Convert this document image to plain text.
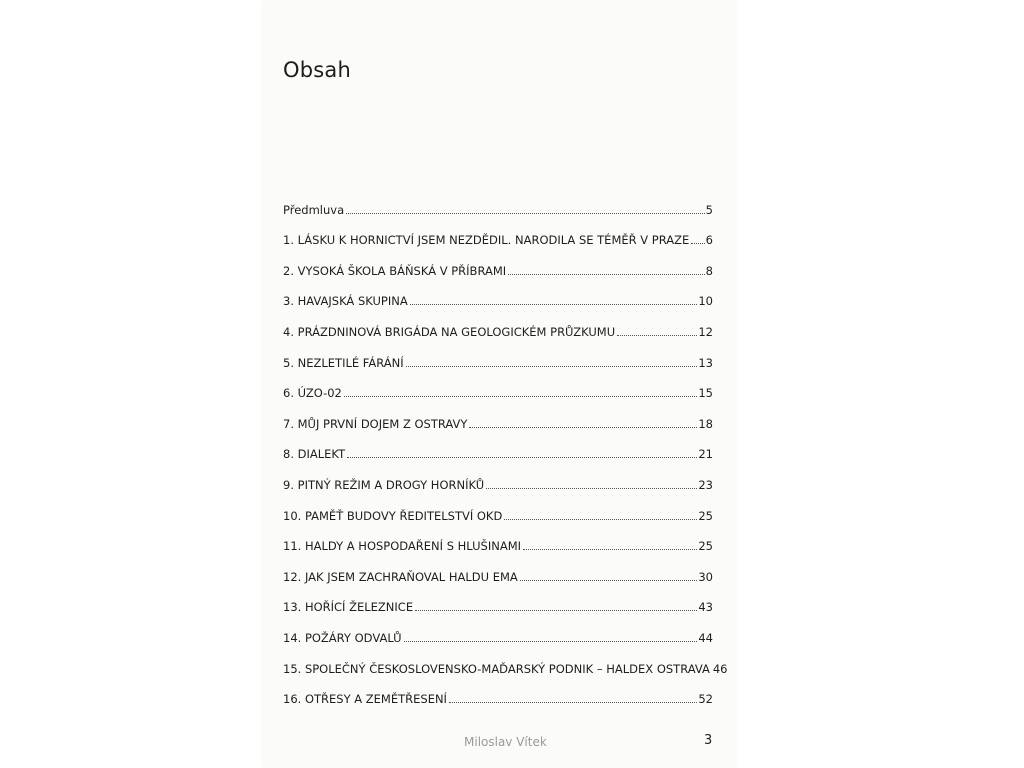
Obsah
Předmluva	5
1. LÁSKU K HORNICTVÍ JSEM NEZDĚDIL. NARODILA SE TÉMĚŘ V PRAZE 6
2. VYSOKÁ ŠKOLA BÁŇSKÁ V PŘÍBRAMI	8
3. HAVAJSKÁ SKUPINA	10
4. PRÁZDNINOVÁ BRIGÁDA NA GEOLOGICKÉM PRŮZKUMU	12
5. NEZLETILÉ FÁRÁNÍ	13
6. ÚZO-02	15
7. MŮJ PRVNÍ DOJEM Z OSTRAVY	18
8. DIALEKT	21
9. PITNÝ REŽIM A DROGY HORNÍKŮ	23
10. PAMĚŤ BUDOVY ŘEDITELSTVÍ OKD	25
11. HALDY A HOSPODAŘENÍ S HLUŠINAMI	25
12. JAK JSEM ZACHRAŇOVAL HALDU EMA	30
13. HOŘÍCÍ ŽELEZNICE	43
14. POŽÁRY ODVALŮ	44
15. SPOLEČNÝ ČESKOSLOVENSKO-MAĎARSKÝ PODNIK – HALDEX OSTRAVA 46
16. OTŘESY A ZEMĚTŘESENÍ	52
Miloslav Vítek	3
